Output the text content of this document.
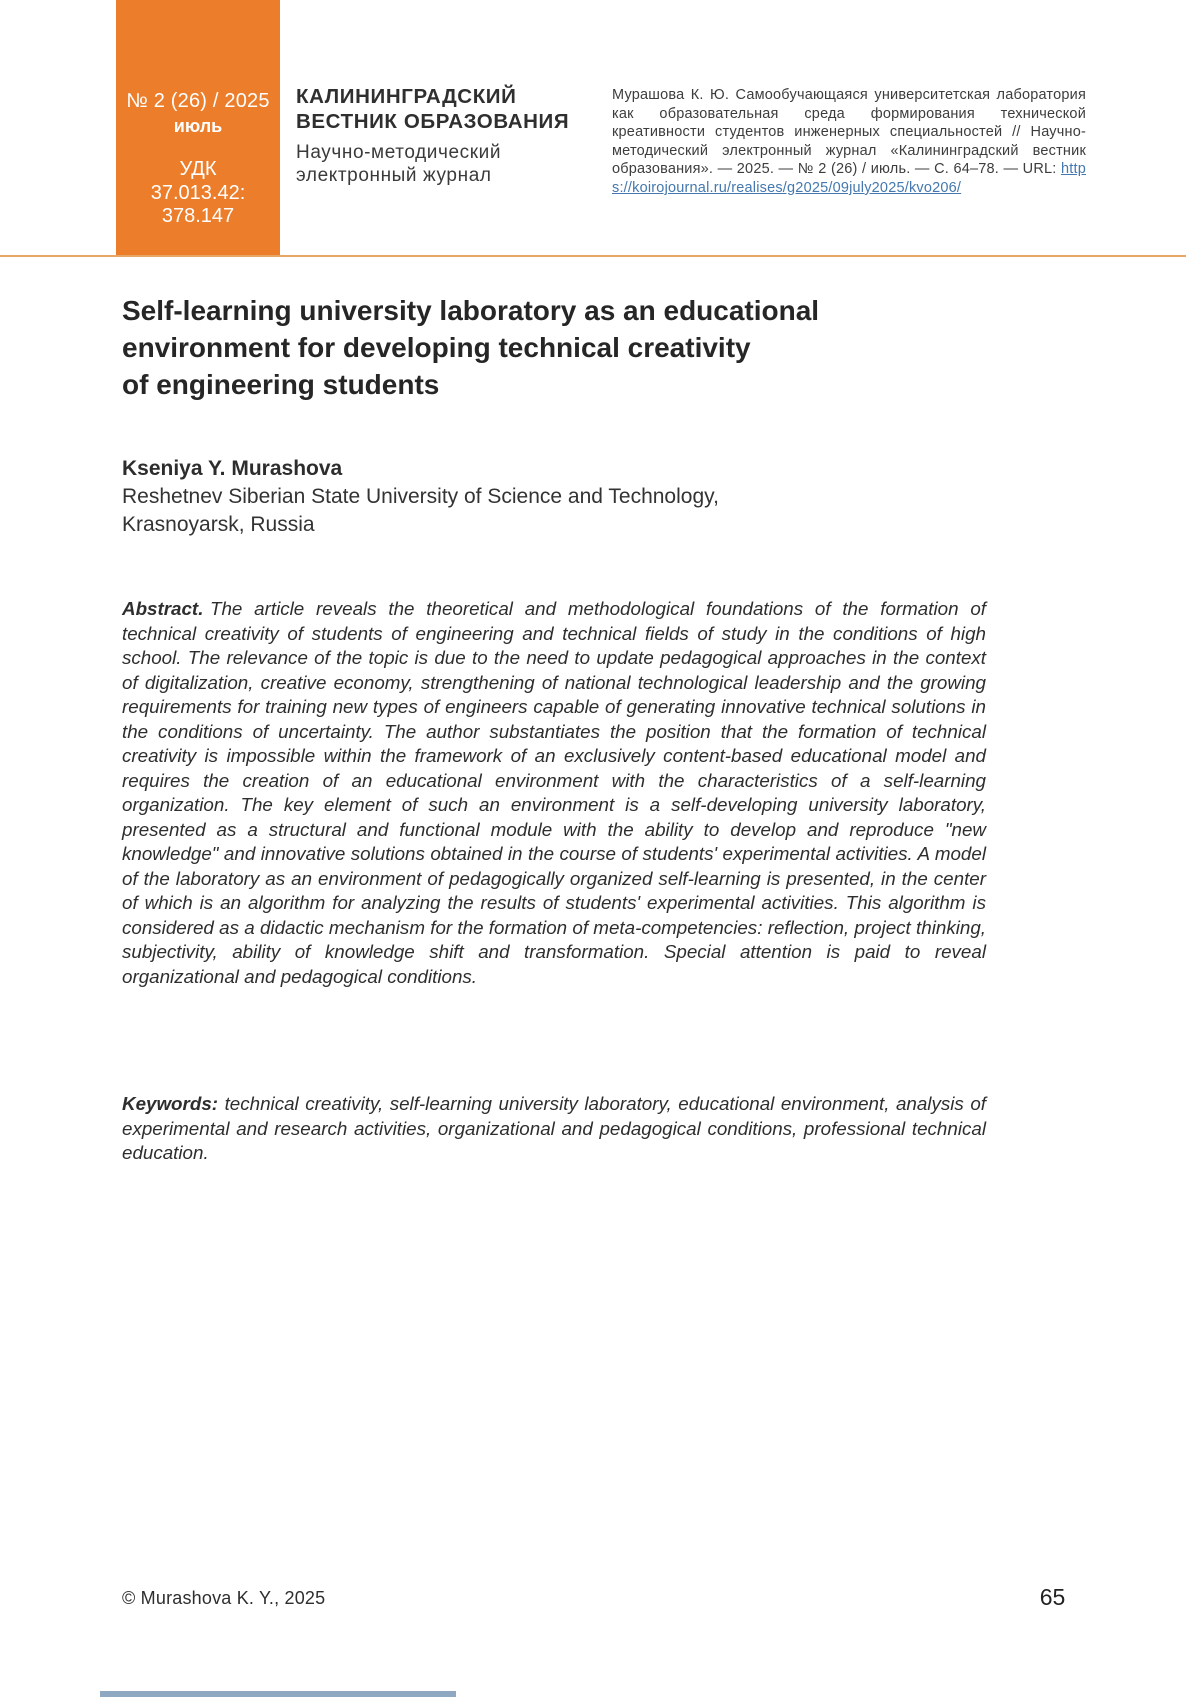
№ 2 (26) / 2025
июль
УДК
37.013.42:
378.147
КАЛИНИНГРАДСКИЙ
ВЕСТНИК ОБРАЗОВАНИЯ
Научно-методический
электронный журнал
Мурашова К. Ю. Самообучающаяся университетская лаборатория как образовательная среда формирования технической креативности студентов инженерных специальностей // Научно-методический электронный журнал «Калининградский вестник образования». — 2025. — № 2 (26) / июль. — С. 64–78. — URL: https://koirojournal.ru/realises/g2025/09july2025/kvo206/
Self-learning university laboratory as an educational
environment for developing technical creativity
of engineering students
Kseniya Y. Murashova
Reshetnev Siberian State University of Science and Technology,
Krasnoyarsk, Russia
Abstract. The article reveals the theoretical and methodological foundations of the formation of technical creativity of students of engineering and technical fields of study in the conditions of high school. The relevance of the topic is due to the need to update pedagogical approaches in the context of digitalization, creative economy, strengthening of national technological leadership and the growing requirements for training new types of engineers capable of generating innovative technical solutions in the conditions of uncertainty. The author substantiates the position that the formation of technical creativity is impossible within the framework of an exclusively content-based educational model and requires the creation of an educational environment with the characteristics of a self-learning organization. The key element of such an environment is a self-developing university laboratory, presented as a structural and functional module with the ability to develop and reproduce "new knowledge" and innovative solutions obtained in the course of students' experimental activities. A model of the laboratory as an environment of pedagogically organized self-learning is presented, in the center of which is an algorithm for analyzing the results of students' experimental activities. This algorithm is considered as a didactic mechanism for the formation of meta-competencies: reflection, project thinking, subjectivity, ability of knowledge shift and transformation. Special attention is paid to reveal organizational and pedagogical conditions.
Keywords: technical creativity, self-learning university laboratory, educational environment, analysis of experimental and research activities, organizational and pedagogical conditions, professional technical education.
© Murashova K. Y., 2025	65
